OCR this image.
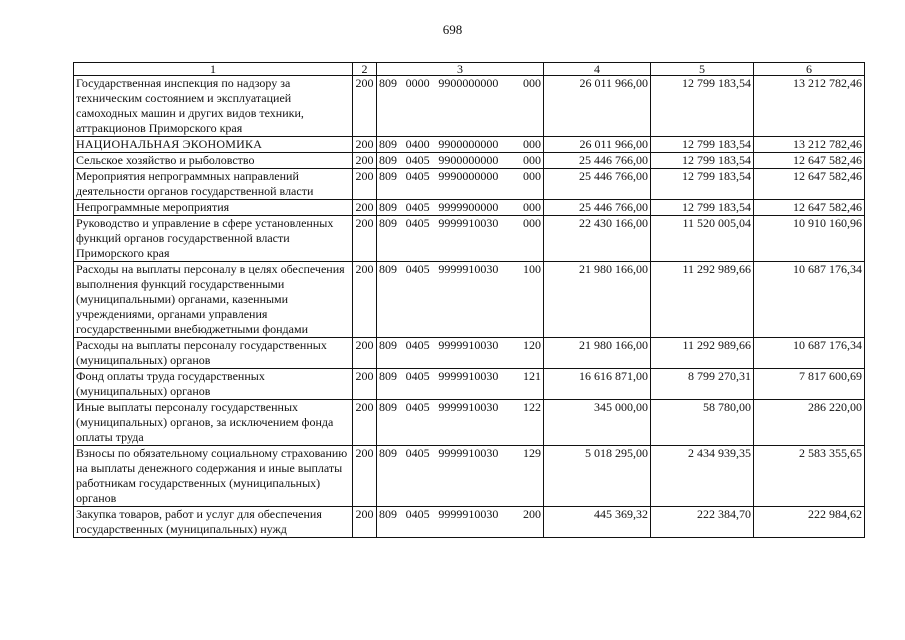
698
1	2	3	4	5	6
Государственная инспекция по надзору за техническим состоянием и эксплуатацией самоходных машин и других видов техники, аттракционов Приморского края	200	809 0000 9900000000 000	26 011 966,00	12 799 183,54	13 212 782,46
НАЦИОНАЛЬНАЯ ЭКОНОМИКА	200	809 0400 9900000000 000	26 011 966,00	12 799 183,54	13 212 782,46
Сельское хозяйство и рыболовство	200	809 0405 9900000000 000	25 446 766,00	12 799 183,54	12 647 582,46
Мероприятия непрограммных направлений деятельности органов государственной власти	200	809 0405 9990000000 000	25 446 766,00	12 799 183,54	12 647 582,46
Непрограммные мероприятия	200	809 0405 9999900000 000	25 446 766,00	12 799 183,54	12 647 582,46
Руководство и управление в сфере установленных функций органов государственной власти Приморского края	200	809 0405 9999910030 000	22 430 166,00	11 520 005,04	10 910 160,96
Расходы на выплаты персоналу в целях обеспечения выполнения функций государственными (муниципальными) органами, казенными учреждениями, органами управления государственными внебюджетными фондами	200	809 0405 9999910030 100	21 980 166,00	11 292 989,66	10 687 176,34
Расходы на выплаты персоналу государственных (муниципальных) органов	200	809 0405 9999910030 120	21 980 166,00	11 292 989,66	10 687 176,34
Фонд оплаты труда государственных (муниципальных) органов	200	809 0405 9999910030 121	16 616 871,00	8 799 270,31	7 817 600,69
Иные выплаты персоналу государственных (муниципальных) органов, за исключением фонда оплаты труда	200	809 0405 9999910030 122	345 000,00	58 780,00	286 220,00
Взносы по обязательному социальному страхованию на выплаты денежного содержания и иные выплаты работникам государственных (муниципальных) органов	200	809 0405 9999910030 129	5 018 295,00	2 434 939,35	2 583 355,65
Закупка товаров, работ и услуг для обеспечения государственных (муниципальных) нужд	200	809 0405 9999910030 200	445 369,32	222 384,70	222 984,62
